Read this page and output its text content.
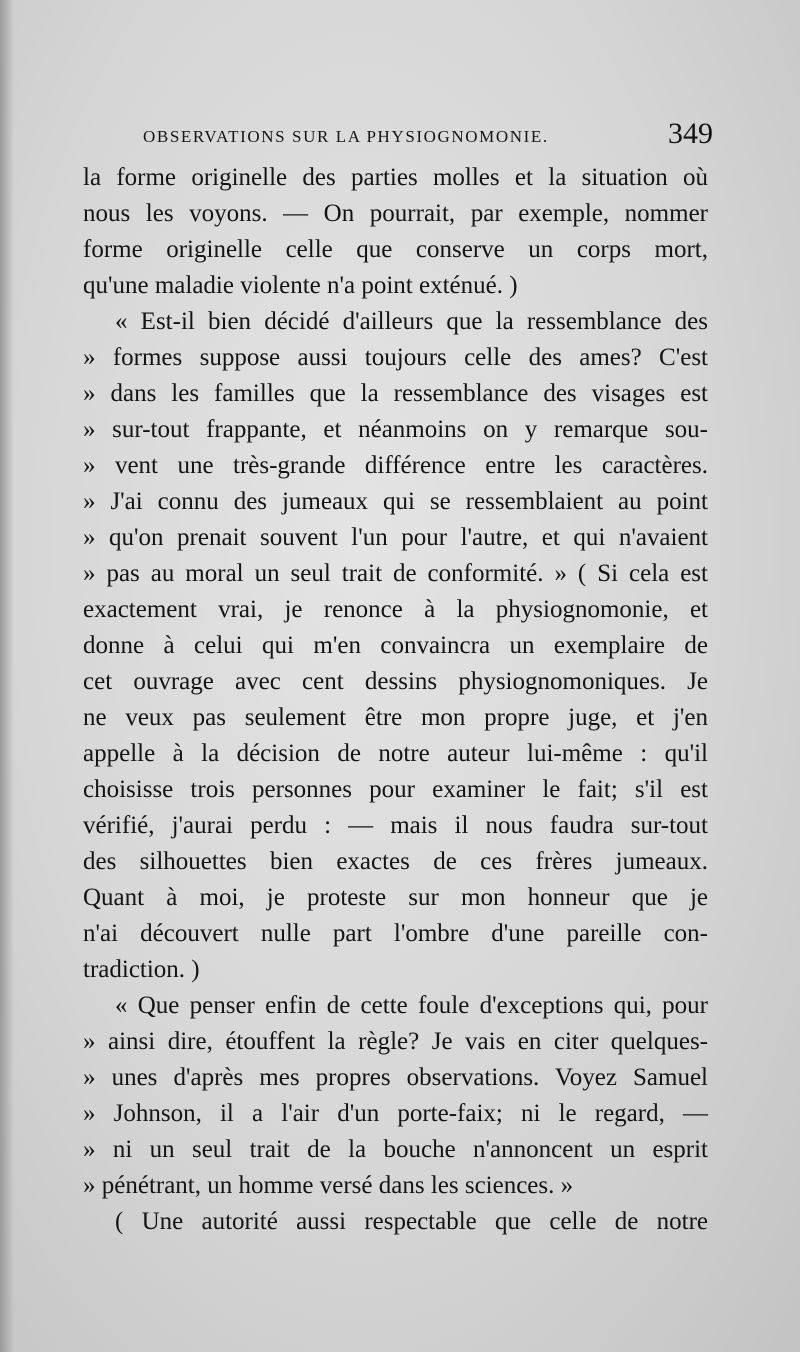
OBSERVATIONS SUR LA PHYSIOGNOMONIE.	349
la forme originelle des parties molles et la situation où
nous les voyons. — On pourrait, par exemple, nommer
forme originelle celle que conserve un corps mort,
qu'une maladie violente n'a point exténué. )
« Est-il bien décidé d'ailleurs que la ressemblance des
» formes suppose aussi toujours celle des ames? C'est
» dans les familles que la ressemblance des visages est
» sur-tout frappante, et néanmoins on y remarque sou-
» vent une très-grande différence entre les caractères.
» J'ai connu des jumeaux qui se ressemblaient au point
» qu'on prenait souvent l'un pour l'autre, et qui n'avaient
» pas au moral un seul trait de conformité. » ( Si cela est
exactement vrai, je renonce à la physiognomonie, et
donne à celui qui m'en convaincra un exemplaire de
cet ouvrage avec cent dessins physiognomoniques. Je
ne veux pas seulement être mon propre juge, et j'en
appelle à la décision de notre auteur lui-même : qu'il
choisisse trois personnes pour examiner le fait; s'il est
vérifié, j'aurai perdu : — mais il nous faudra sur-tout
des silhouettes bien exactes de ces frères jumeaux.
Quant à moi, je proteste sur mon honneur que je
n'ai découvert nulle part l'ombre d'une pareille con-
tradiction. )
« Que penser enfin de cette foule d'exceptions qui, pour
» ainsi dire, étouffent la règle? Je vais en citer quelques-
» unes d'après mes propres observations. Voyez Samuel
» Johnson, il a l'air d'un porte-faix; ni le regard, —
» ni un seul trait de la bouche n'annoncent un esprit
» pénétrant, un homme versé dans les sciences. »
( Une autorité aussi respectable que celle de notre
